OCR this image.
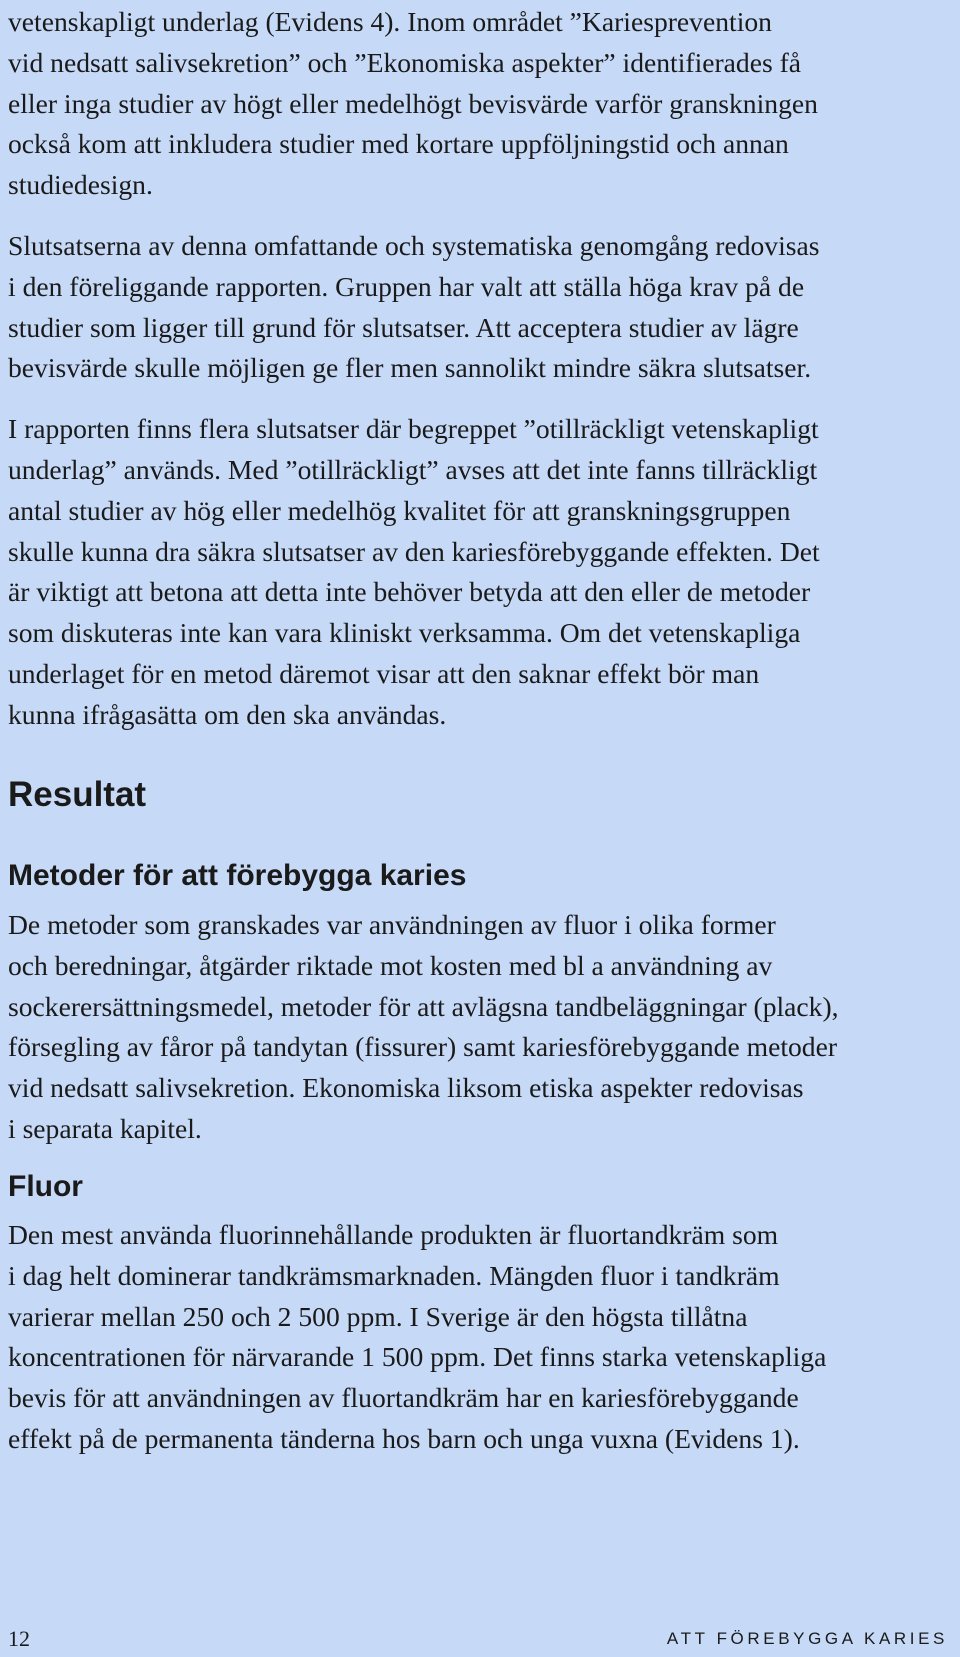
vetenskapligt underlag (Evidens 4). Inom området ”Kariesprevention
vid nedsatt salivsekretion” och ”Ekonomiska aspekter” identifierades få
eller inga studier av högt eller medelhögt bevisvärde varför granskningen
också kom att inkludera studier med kortare uppföljningstid och annan
studiedesign.

Slutsatserna av denna omfattande och systematiska genomgång redovisas
i den föreliggande rapporten. Gruppen har valt att ställa höga krav på de
studier som ligger till grund för slutsatser. Att acceptera studier av lägre
bevisvärde skulle möjligen ge fler men sannolikt mindre säkra slutsatser.

I rapporten finns flera slutsatser där begreppet ”otillräckligt vetenskapligt
underlag” används. Med ”otillräckligt” avses att det inte fanns tillräckligt
antal studier av hög eller medelhög kvalitet för att granskningsgruppen
skulle kunna dra säkra slutsatser av den kariesförebyggande effekten. Det
är viktigt att betona att detta inte behöver betyda att den eller de metoder
som diskuteras inte kan vara kliniskt verksamma. Om det vetenskapliga
underlaget för en metod däremot visar att den saknar effekt bör man
kunna ifrågasätta om den ska användas.

Resultat
Metoder för att förebygga karies

De metoder som granskades var användningen av fluor i olika former
och beredningar, åtgärder riktade mot kosten med bl a användning av
sockerersättningsmedel, metoder för att avlägsna tandbeläggningar (plack),
försegling av fåror på tandytan (fissurer) samt kariesförebyggande metoder
vid nedsatt salivsekretion. Ekonomiska liksom etiska aspekter redovisas
i separata kapitel.

Fluor

Den mest använda fluorinnehållande produkten är fluortandkräm som
i dag helt dominerar tandkrämsmarknaden. Mängden fluor i tandkräm
varierar mellan 250 och 2 500 ppm. I Sverige är den högsta tillåtna
koncentrationen för närvarande 1 500 ppm. Det finns starka vetenskapliga
bevis för att användningen av fluortandkräm har en kariesförebyggande
effekt på de permanenta tänderna hos barn och unga vuxna (Evidens 1).

12	ATT FÖREBYGGA KARIES
